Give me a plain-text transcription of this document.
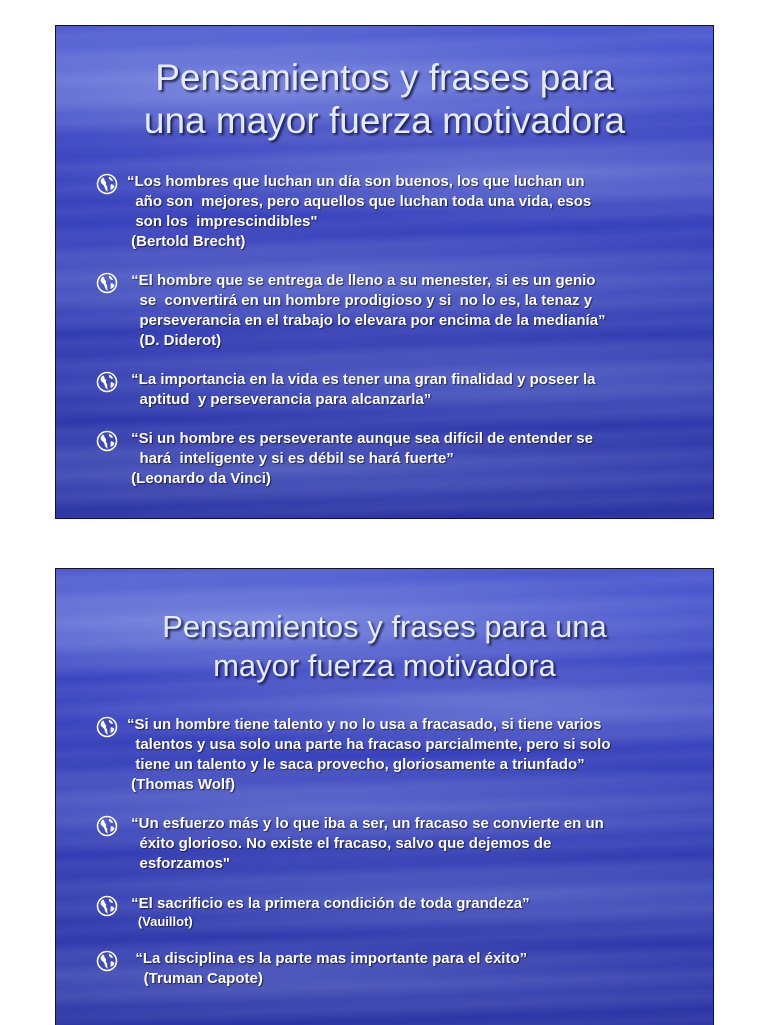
Pensamientos y frases para
una mayor fuerza motivadora
“Los hombres que luchan un día son buenos, los que luchan un
año son  mejores, pero aquellos que luchan toda una vida, esos
son los  imprescindibles"
(Bertold Brecht)
“El hombre que se entrega de lleno a su menester, si es un genio
se  convertirá en un hombre prodigioso y si  no lo es, la tenaz y
perseverancia en el trabajo lo elevara por encima de la medianía”
(D. Diderot)
“La importancia en la vida es tener una gran finalidad y poseer la
aptitud  y perseverancia para alcanzarla”
“Si un hombre es perseverante aunque sea difícil de entender se
hará  inteligente y si es débil se hará fuerte”
(Leonardo da Vinci)
Pensamientos y frases para una
mayor fuerza motivadora
“Si un hombre tiene talento y no lo usa a fracasado, si tiene varios
talentos y usa solo una parte ha fracaso parcialmente, pero si solo
tiene un talento y le saca provecho, gloriosamente a triunfado”
(Thomas Wolf)
“Un esfuerzo más y lo que iba a ser, un fracaso se convierte en un
éxito glorioso. No existe el fracaso, salvo que dejemos de
esforzamos"
“El sacrificio es la primera condición de toda grandeza”
(Vauillot)
“La disciplina es la parte mas importante para el éxito”
(Truman Capote)
